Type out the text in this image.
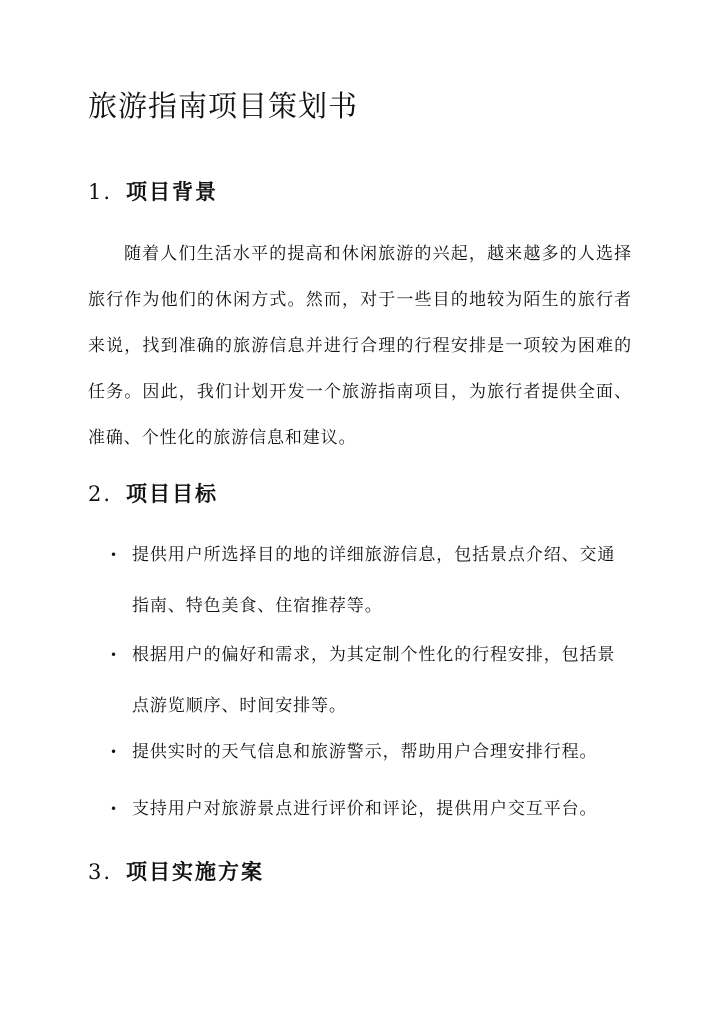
旅游指南项目策划书
1. 项目背景

随着人们生活水平的提高和休闲旅游的兴起，越来越多的人选择旅行作为他们的休闲方式。然而，对于一些目的地较为陌生的旅行者来说，找到准确的旅游信息并进行合理的行程安排是一项较为困难的任务。因此，我们计划开发一个旅游指南项目，为旅行者提供全面、准确、个性化的旅游信息和建议。

2. 项目目标
• 提供用户所选择目的地的详细旅游信息，包括景点介绍、交通指南、特色美食、住宿推荐等。
• 根据用户的偏好和需求，为其定制个性化的行程安排，包括景点游览顺序、时间安排等。
• 提供实时的天气信息和旅游警示，帮助用户合理安排行程。
• 支持用户对旅游景点进行评价和评论，提供用户交互平台。
3. 项目实施方案
